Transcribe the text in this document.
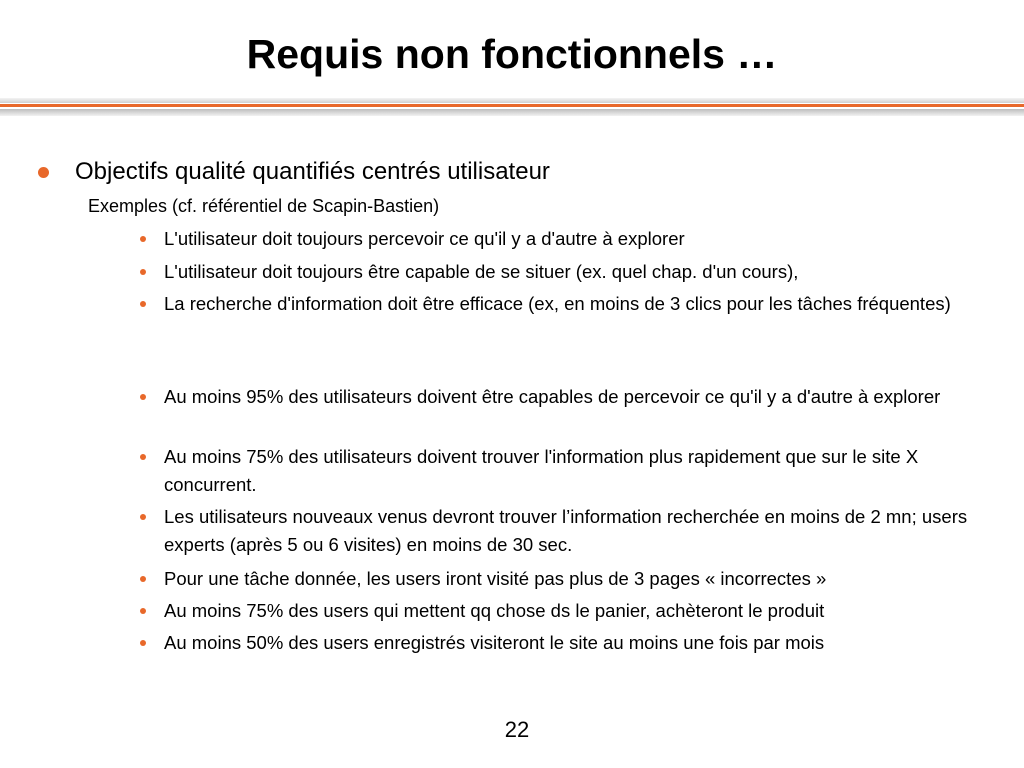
Requis non fonctionnels …
Objectifs qualité quantifiés centrés utilisateur
Exemples (cf. référentiel de Scapin-Bastien)
L'utilisateur doit toujours percevoir ce qu'il y a d'autre à explorer
L'utilisateur doit toujours être capable de se situer (ex. quel chap. d'un cours),
La recherche d'information doit être efficace (ex, en moins de 3 clics pour les tâches fréquentes)
Au moins 95% des utilisateurs doivent être capables de percevoir ce qu'il y a d'autre à explorer
Au moins 75% des utilisateurs doivent trouver l'information plus rapidement que sur le site X concurrent.
Les utilisateurs nouveaux venus devront trouver l’information recherchée en moins de 2 mn; users experts (après 5 ou 6 visites) en moins de 30 sec.
Pour une tâche donnée, les users iront visité pas plus de 3 pages « incorrectes »
Au moins 75% des users qui mettent qq chose ds le panier, achèteront le produit
Au moins 50% des users enregistrés visiteront le site au moins une fois par mois
22
